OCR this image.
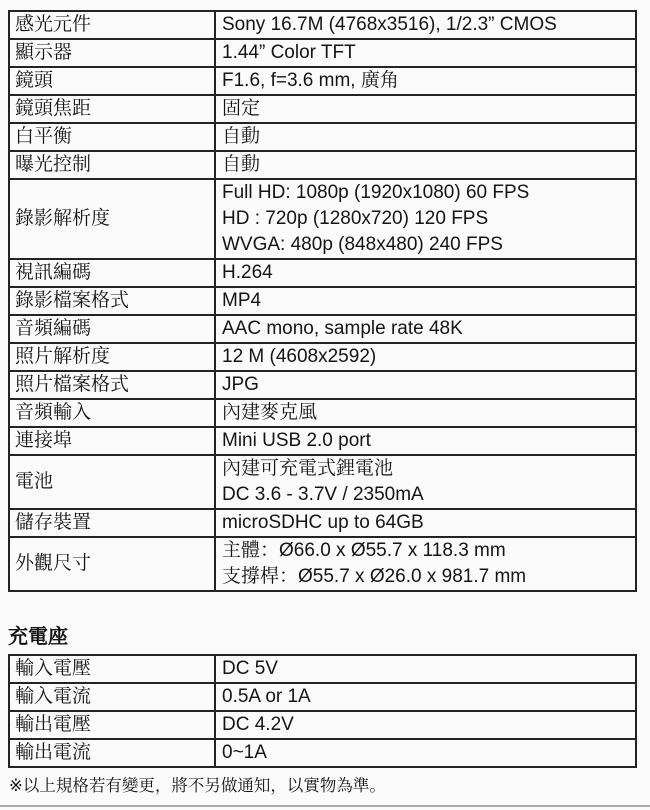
感光元件	Sony 16.7M (4768x3516), 1/2.3” CMOS

顯示器	1.44” Color TFT

鏡頭	F1.6, f=3.6 mm, 廣角

鏡頭焦距	固定

白平衡	自動

曝光控制	自動

錄影解析度	Full HD: 1080p (1920x1080) 60 FPS
HD : 720p (1280x720) 120 FPS
WVGA: 480p (848x480) 240 FPS

視訊編碼	H.264

錄影檔案格式	MP4

音頻編碼	AAC mono, sample rate 48K

照片解析度	12 M (4608x2592)

照片檔案格式	JPG

音頻輸入	內建麥克風

連接埠	Mini USB 2.0 port

電池	內建可充電式鋰電池
DC 3.6 - 3.7V / 2350mA

儲存裝置	microSDHC up to 64GB

外觀尺寸	主體：Ø66.0 x Ø55.7 x 118.3 mm
支撐桿：Ø55.7 x Ø26.0 x 981.7 mm
充電座
輸入電壓	DC 5V

輸入電流	0.5A or 1A

輸出電壓	DC 4.2V

輸出電流	0~1A
※以上規格若有變更，將不另做通知，以實物為準。
